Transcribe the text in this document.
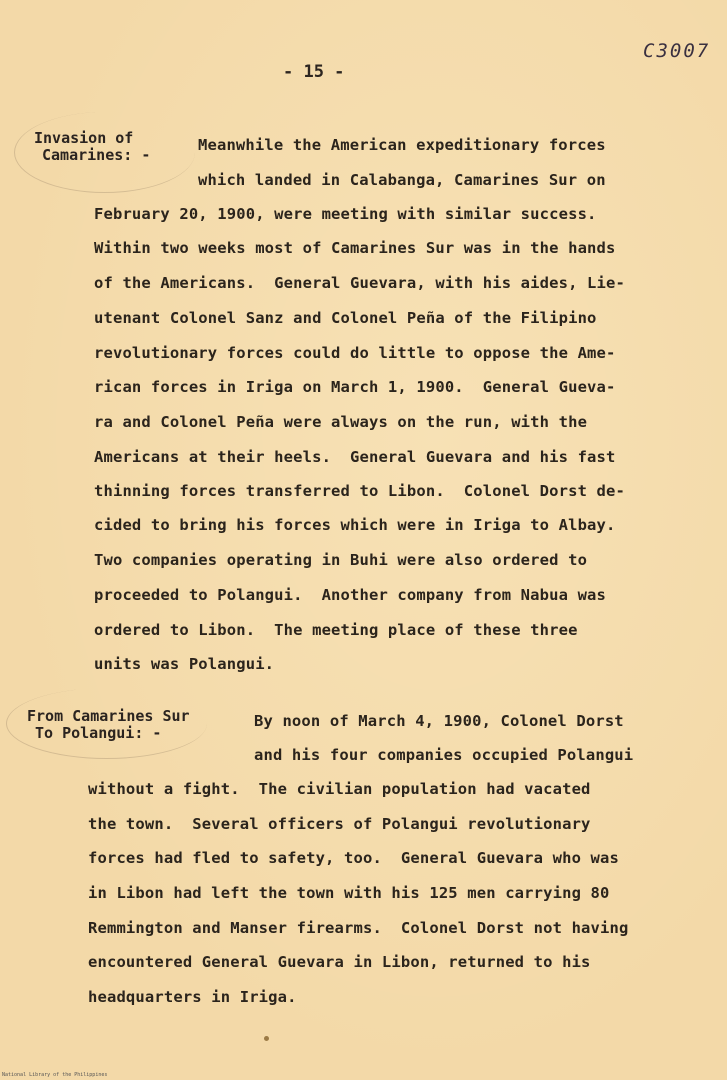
C3007
- 15 -
Invasion of
Camarines: -
Meanwhile the American expeditionary forces
which landed in Calabanga, Camarines Sur on
February 20, 1900, were meeting with similar success.
Within two weeks most of Camarines Sur was in the hands
of the Americans.  General Guevara, with his aides, Lie-
utenant Colonel Sanz and Colonel Peña of the Filipino
revolutionary forces could do little to oppose the Ame-
rican forces in Iriga on March 1, 1900.  General Gueva-
ra and Colonel Peña were always on the run, with the
Americans at their heels.  General Guevara and his fast
thinning forces transferred to Libon.  Colonel Dorst de-
cided to bring his forces which were in Iriga to Albay.
Two companies operating in Buhi were also ordered to
proceeded to Polangui.  Another company from Nabua was
ordered to Libon.  The meeting place of these three
units was Polangui.
From Camarines Sur
To Polangui: -
By noon of March 4, 1900, Colonel Dorst
and his four companies occupied Polangui
without a fight.  The civilian population had vacated
the town.  Several officers of Polangui revolutionary
forces had fled to safety, too.  General Guevara who was
in Libon had left the town with his 125 men carrying 80
Remmington and Manser firearms.  Colonel Dorst not having
encountered General Guevara in Libon, returned to his
headquarters in Iriga.
National Library of the Philippines
